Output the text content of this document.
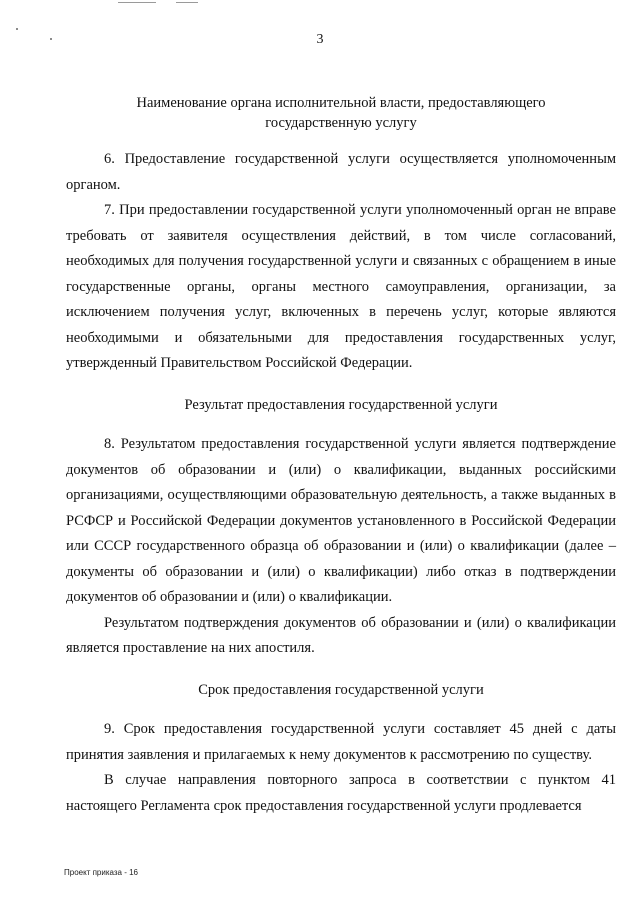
3
Наименование органа исполнительной власти, предоставляющего государственную услугу

6. Предоставление государственной услуги осуществляется уполномоченным органом.

7. При предоставлении государственной услуги уполномоченный орган не вправе требовать от заявителя осуществления действий, в том числе согласований, необходимых для получения государственной услуги и связанных с обращением в иные государственные органы, органы местного самоуправления, организации, за исключением получения услуг, включенных в перечень услуг, которые являются необходимыми и обязательными для предоставления государственных услуг, утвержденный Правительством Российской Федерации.

Результат предоставления государственной услуги

8. Результатом предоставления государственной услуги является подтверждение документов об образовании и (или) о квалификации, выданных российскими организациями, осуществляющими образовательную деятельность, а также выданных в РСФСР и Российской Федерации документов установленного в Российской Федерации или СССР государственного образца об образовании и (или) о квалификации (далее – документы об образовании и (или) о квалификации) либо отказ в подтверждении документов об образовании и (или) о квалификации.

Результатом подтверждения документов об образовании и (или) о квалификации является проставление на них апостиля.

Срок предоставления государственной услуги

9. Срок предоставления государственной услуги составляет 45 дней с даты принятия заявления и прилагаемых к нему документов к рассмотрению по существу.

В случае направления повторного запроса в соответствии с пунктом 41 настоящего Регламента срок предоставления государственной услуги продлевается

Проект приказа - 16
